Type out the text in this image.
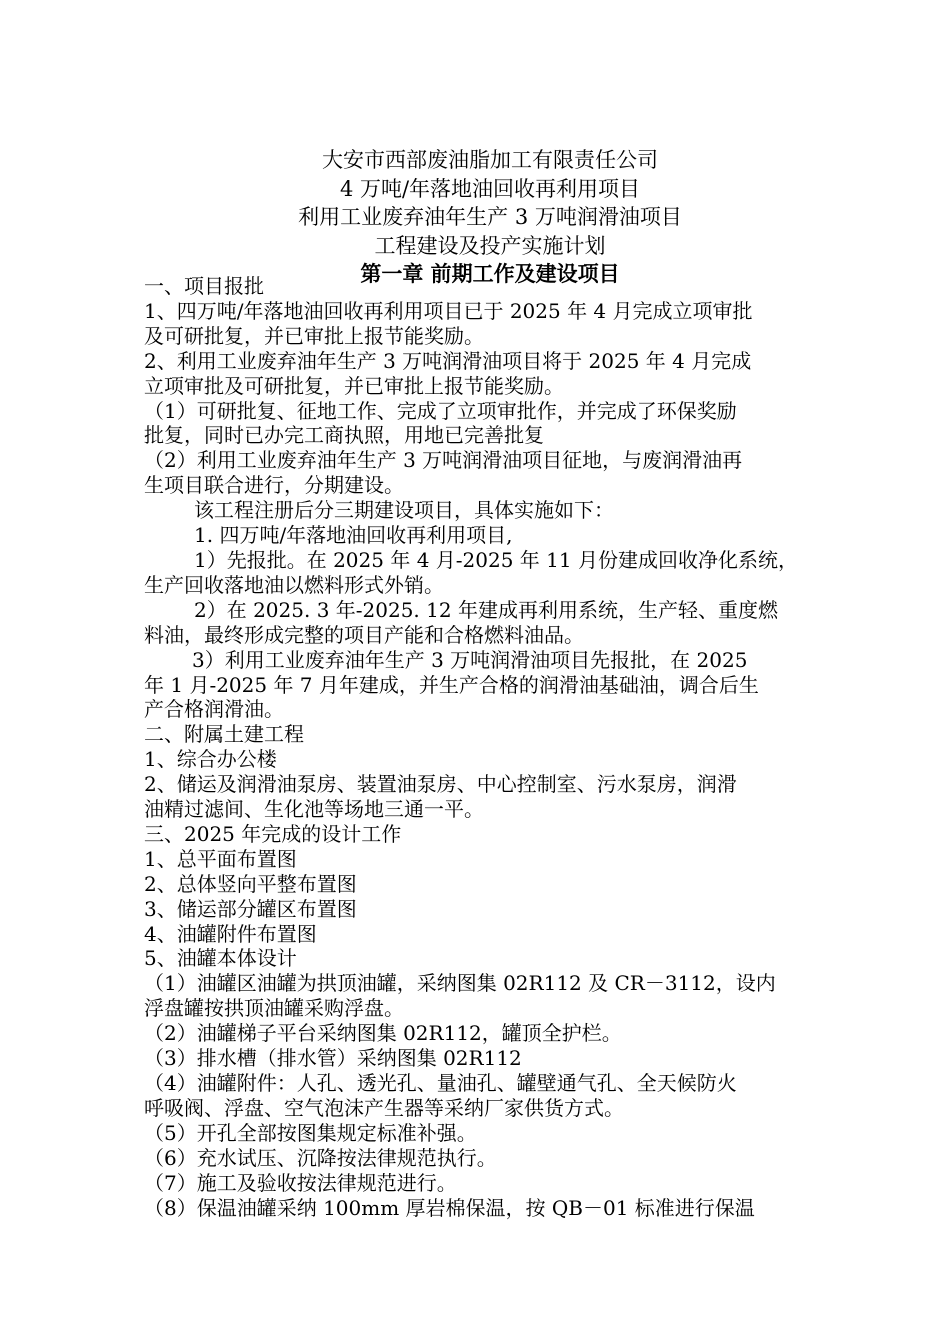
大安市西部废油脂加工有限责任公司
4 万吨/年落地油回收再利用项目
利用工业废弃油年生产 3 万吨润滑油项目
工程建设及投产实施计划
第一章 前期工作及建设项目

一、项目报批

1、四万吨/年落地油回收再利用项目已于 2025 年 4 月完成立项审批

及可研批复，并已审批上报节能奖励。

2、利用工业废弃油年生产 3 万吨润滑油项目将于 2025 年 4 月完成

立项审批及可研批复，并已审批上报节能奖励。

（1）可研批复、征地工作、完成了立项审批作，并完成了环保奖励

批复，同时已办完工商执照，用地已完善批复

（2）利用工业废弃油年生产 3 万吨润滑油项目征地，与废润滑油再

生项目联合进行，分期建设。

该工程注册后分三期建设项目，具体实施如下：

1. 四万吨/年落地油回收再利用项目,

1）先报批。在 2025 年 4 月-2025 年 11 月份建成回收净化系统，

生产回收落地油以燃料形式外销。

2）在 2025. 3 年-2025. 12 年建成再利用系统，生产轻、重度燃

料油，最终形成完整的项目产能和合格燃料油品。

3）利用工业废弃油年生产 3 万吨润滑油项目先报批，在 2025

年 1 月-2025 年 7 月年建成，并生产合格的润滑油基础油，调合后生

产合格润滑油。

二、附属土建工程

1、综合办公楼

2、储运及润滑油泵房、装置油泵房、中心控制室、污水泵房，润滑

油精过滤间、生化池等场地三通一平。

三、2025 年完成的设计工作

1、总平面布置图

2、总体竖向平整布置图

3、储运部分罐区布置图

4、油罐附件布置图

5、油罐本体设计

（1）油罐区油罐为拱顶油罐，采纳图集 02R112 及 CR－3112，设内

浮盘罐按拱顶油罐采购浮盘。

（2）油罐梯子平台采纳图集 02R112，罐顶全护栏。

（3）排水槽（排水管）采纳图集 02R112

（4）油罐附件：人孔、透光孔、量油孔、罐壁通气孔、全天候防火

呼吸阀、浮盘、空气泡沫产生器等采纳厂家供货方式。

（5）开孔全部按图集规定标准补强。

（6）充水试压、沉降按法律规范执行。

（7）施工及验收按法律规范进行。

（8）保温油罐采纳 100mm 厚岩棉保温，按 QB－01 标准进行保温
